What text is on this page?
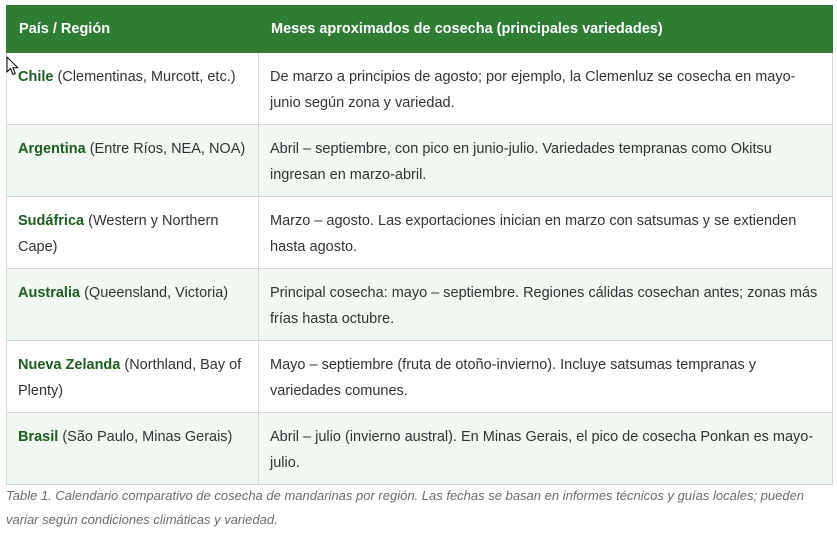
País / Región	Meses aproximados de cosecha (principales variedades)
Chile (Clementinas, Murcott, etc.)	De marzo a principios de agosto; por ejemplo, la Clemenluz se cosecha en mayo-junio según zona y variedad.
Argentina (Entre Ríos, NEA, NOA)	Abril – septiembre, con pico en junio-julio. Variedades tempranas como Okitsu ingresan en marzo-abril.
Sudáfrica (Western y Northern Cape)	Marzo – agosto. Las exportaciones inician en marzo con satsumas y se extienden hasta agosto.
Australia (Queensland, Victoria)	Principal cosecha: mayo – septiembre. Regiones cálidas cosechan antes; zonas más frías hasta octubre.
Nueva Zelanda (Northland, Bay of Plenty)	Mayo – septiembre (fruta de otoño-invierno). Incluye satsumas tempranas y variedades comunes.
Brasil (São Paulo, Minas Gerais)	Abril – julio (invierno austral). En Minas Gerais, el pico de cosecha Ponkan es mayo-julio.
Table 1. Calendario comparativo de cosecha de mandarinas por región. Las fechas se basan en informes técnicos y guías locales; pueden variar según condiciones climáticas y variedad.
